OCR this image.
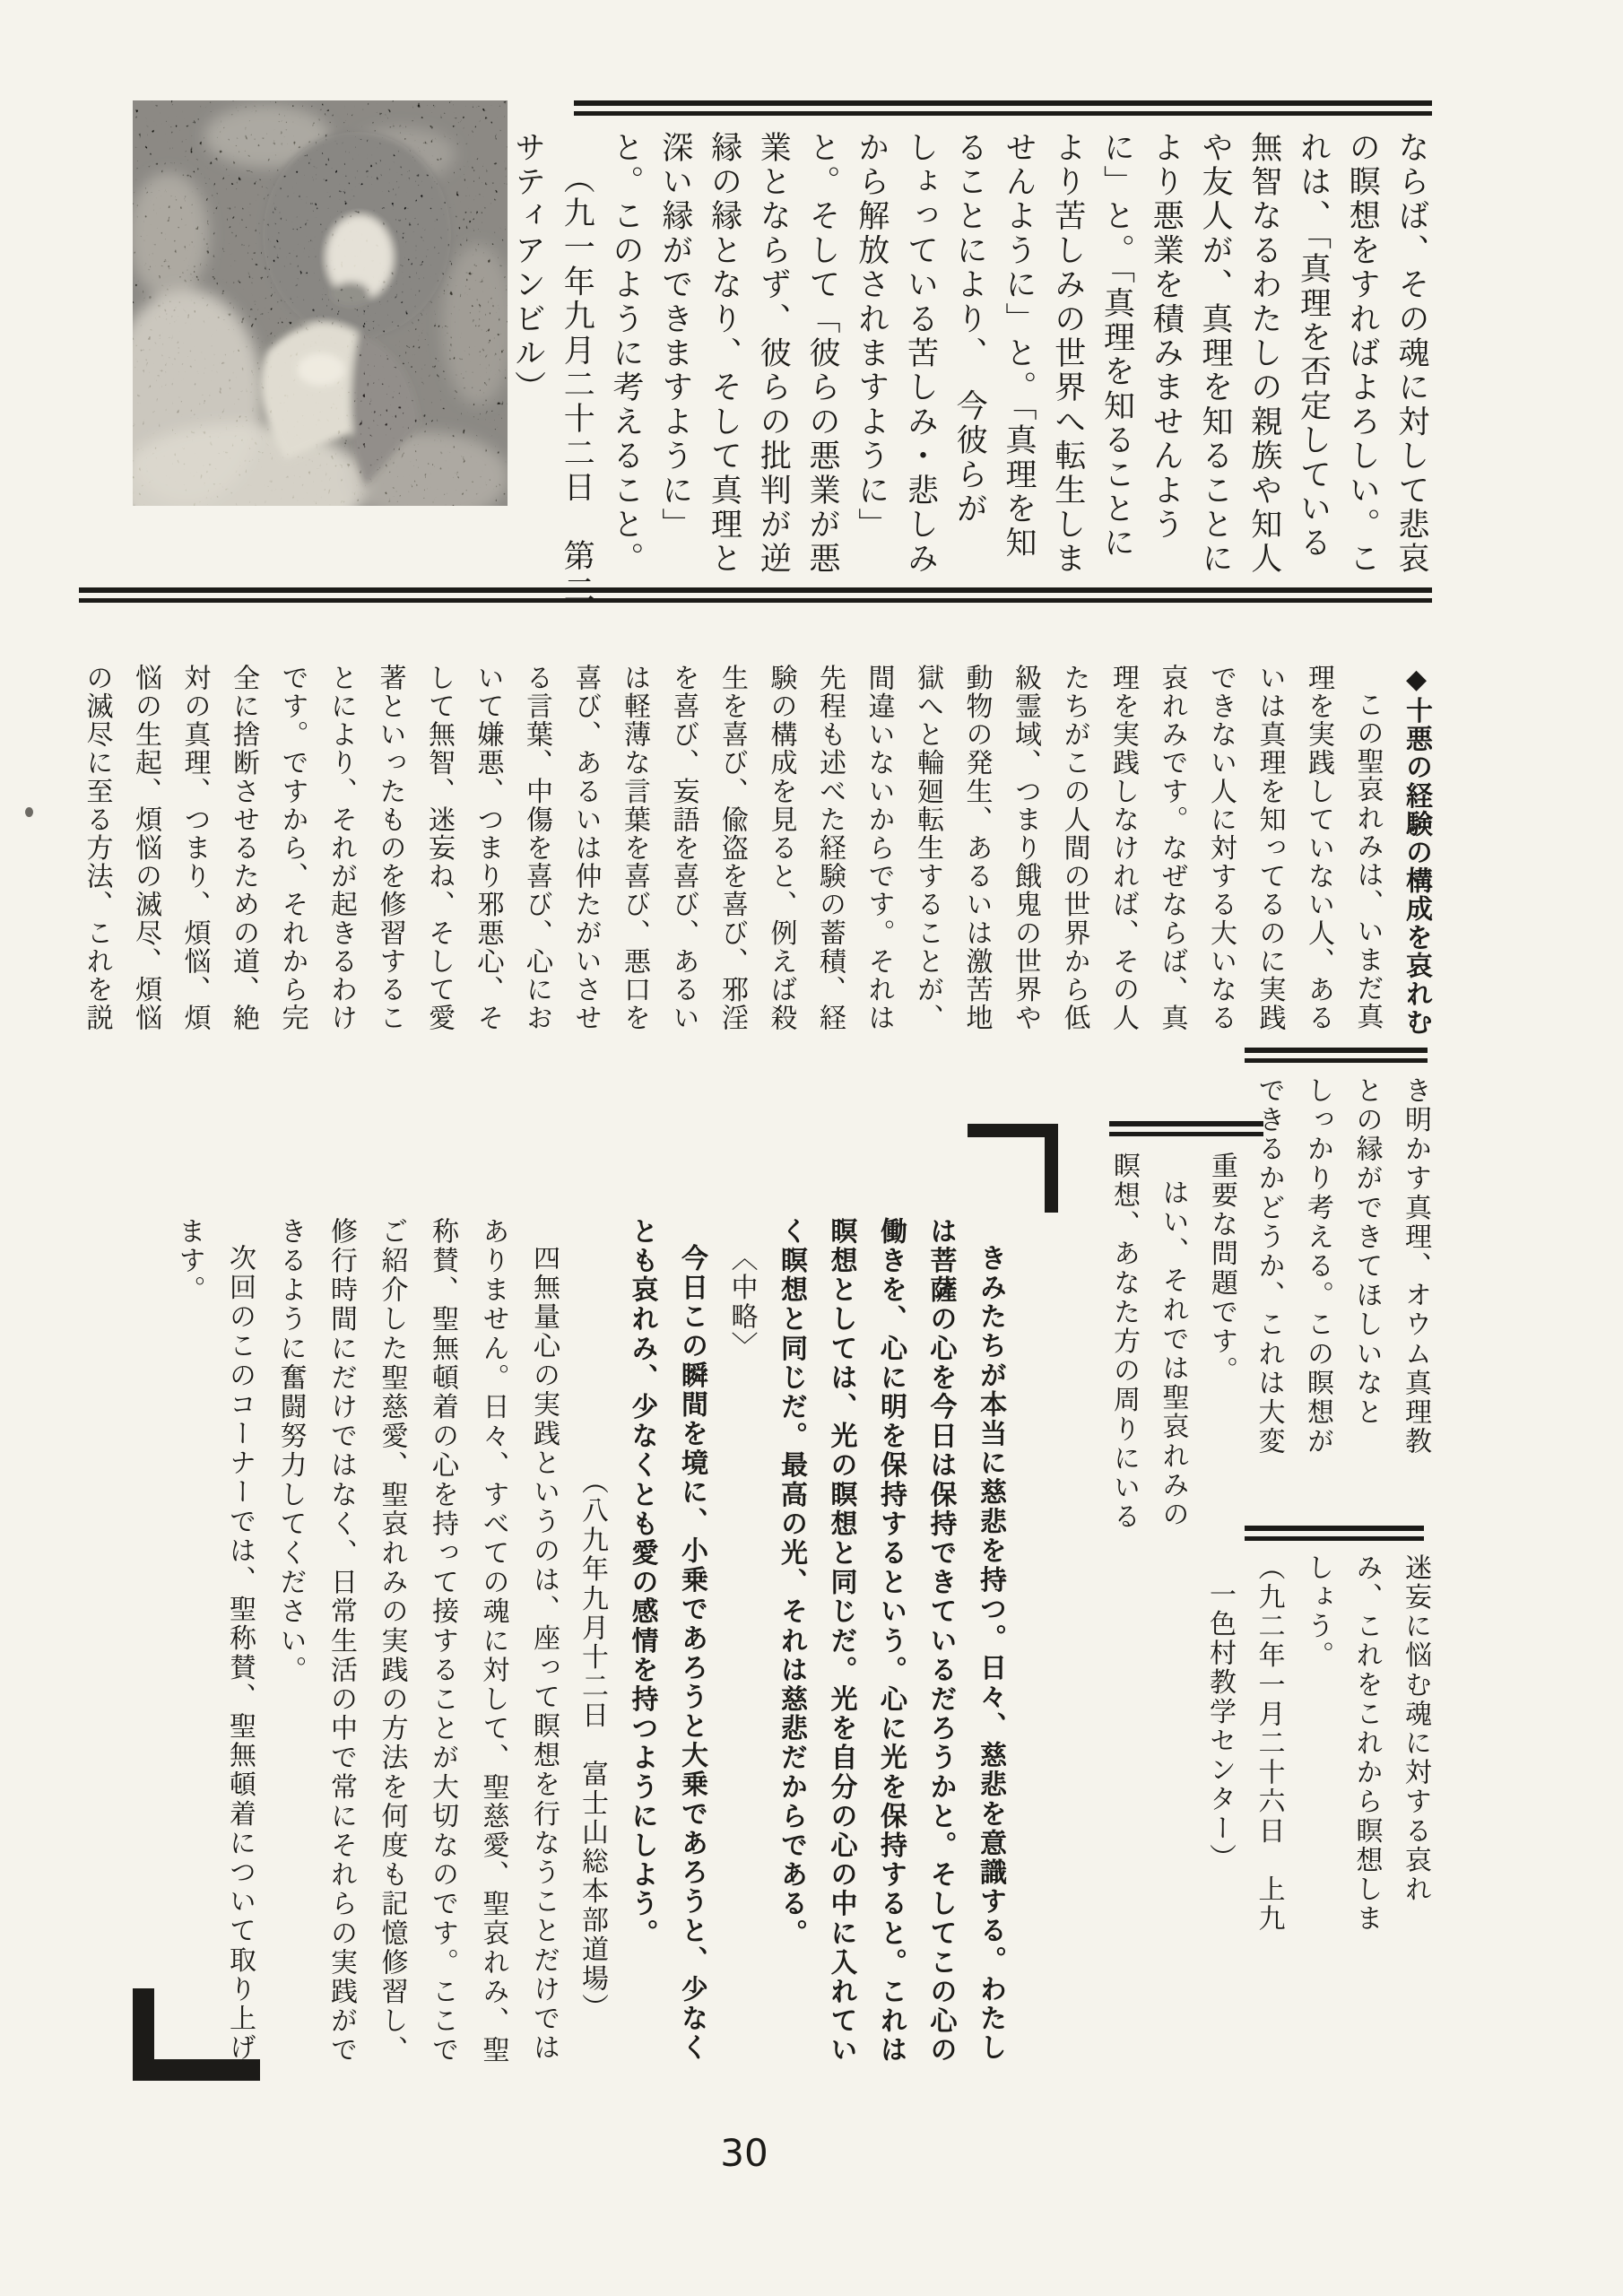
ならば、その魂に対して悲哀

の瞑想をすればよろしい。こ

れは、「真理を否定している

無智なるわたしの親族や知人

や友人が、真理を知ることに

より悪業を積みませんよう

に」と。「真理を知ることに

より苦しみの世界へ転生しま

せんように」と。「真理を知

ることにより、　今彼らが

しょっている苦しみ・悲しみ

から解放されますように」

と。そして「彼らの悪業が悪

業とならず、彼らの批判が逆

縁の縁となり、そして真理と

深い縁ができますように」

と。このように考えること。

（九一年九月二十二日　第二

サティアンビル）

◆十悪の経験の構成を哀れむ

この聖哀れみは、いまだ真

理を実践していない人、ある

いは真理を知ってるのに実践

できない人に対する大いなる

哀れみです。なぜならば、真

理を実践しなければ、その人

たちがこの人間の世界から低

級霊域、つまり餓鬼の世界や

動物の発生、あるいは激苦地

獄へと輪廻転生することが、

間違いないからです。それは

先程も述べた経験の蓄積、経

験の構成を見ると、例えば殺

生を喜び、偸盗を喜び、邪淫

を喜び、妄語を喜び、あるい

は軽薄な言葉を喜び、悪口を

喜び、あるいは仲たがいさせ

る言葉、中傷を喜び、心にお

いて嫌悪、つまり邪悪心、そ

して無智、迷妄ね、そして愛

著といったものを修習するこ

とにより、それが起きるわけ

です。ですから、それから完

全に捨断させるための道、絶

対の真理、つまり、煩悩、煩

悩の生起、煩悩の滅尽、煩悩

の滅尽に至る方法、これを説

き明かす真理、オウム真理教

との縁ができてほしいなと

しっかり考える。この瞑想が

できるかどうか、これは大変

重要な問題です。

はい、それでは聖哀れみの

瞑想、あなた方の周りにいる

迷妄に悩む魂に対する哀れ

み、これをこれから瞑想しま

しょう。

（九二年一月二十六日　上九

一色村教学センター）

きみたちが本当に慈悲を持つ。日々、慈悲を意識する。わたし

は菩薩の心を今日は保持できているだろうかと。そしてこの心の

働きを、心に明を保持するという。心に光を保持すると。これは

瞑想としては、光の瞑想と同じだ。光を自分の心の中に入れてい

く瞑想と同じだ。最高の光、それは慈悲だからである。

〈中略〉

今日この瞬間を境に、小乗であろうと大乗であろうと、少なく

とも哀れみ、少なくとも愛の感情を持つようにしよう。

（八九年九月十二日　富士山総本部道場）

四無量心の実践というのは、座って瞑想を行なうことだけでは

ありません。日々、すべての魂に対して、聖慈愛、聖哀れみ、聖

称賛、聖無頓着の心を持って接することが大切なのです。ここで

ご紹介した聖慈愛、聖哀れみの実践の方法を何度も記憶修習し、

修行時間にだけではなく、日常生活の中で常にそれらの実践がで

きるように奮闘努力してください。

次回のこのコーナーでは、聖称賛、聖無頓着について取り上げ

ます。

30
